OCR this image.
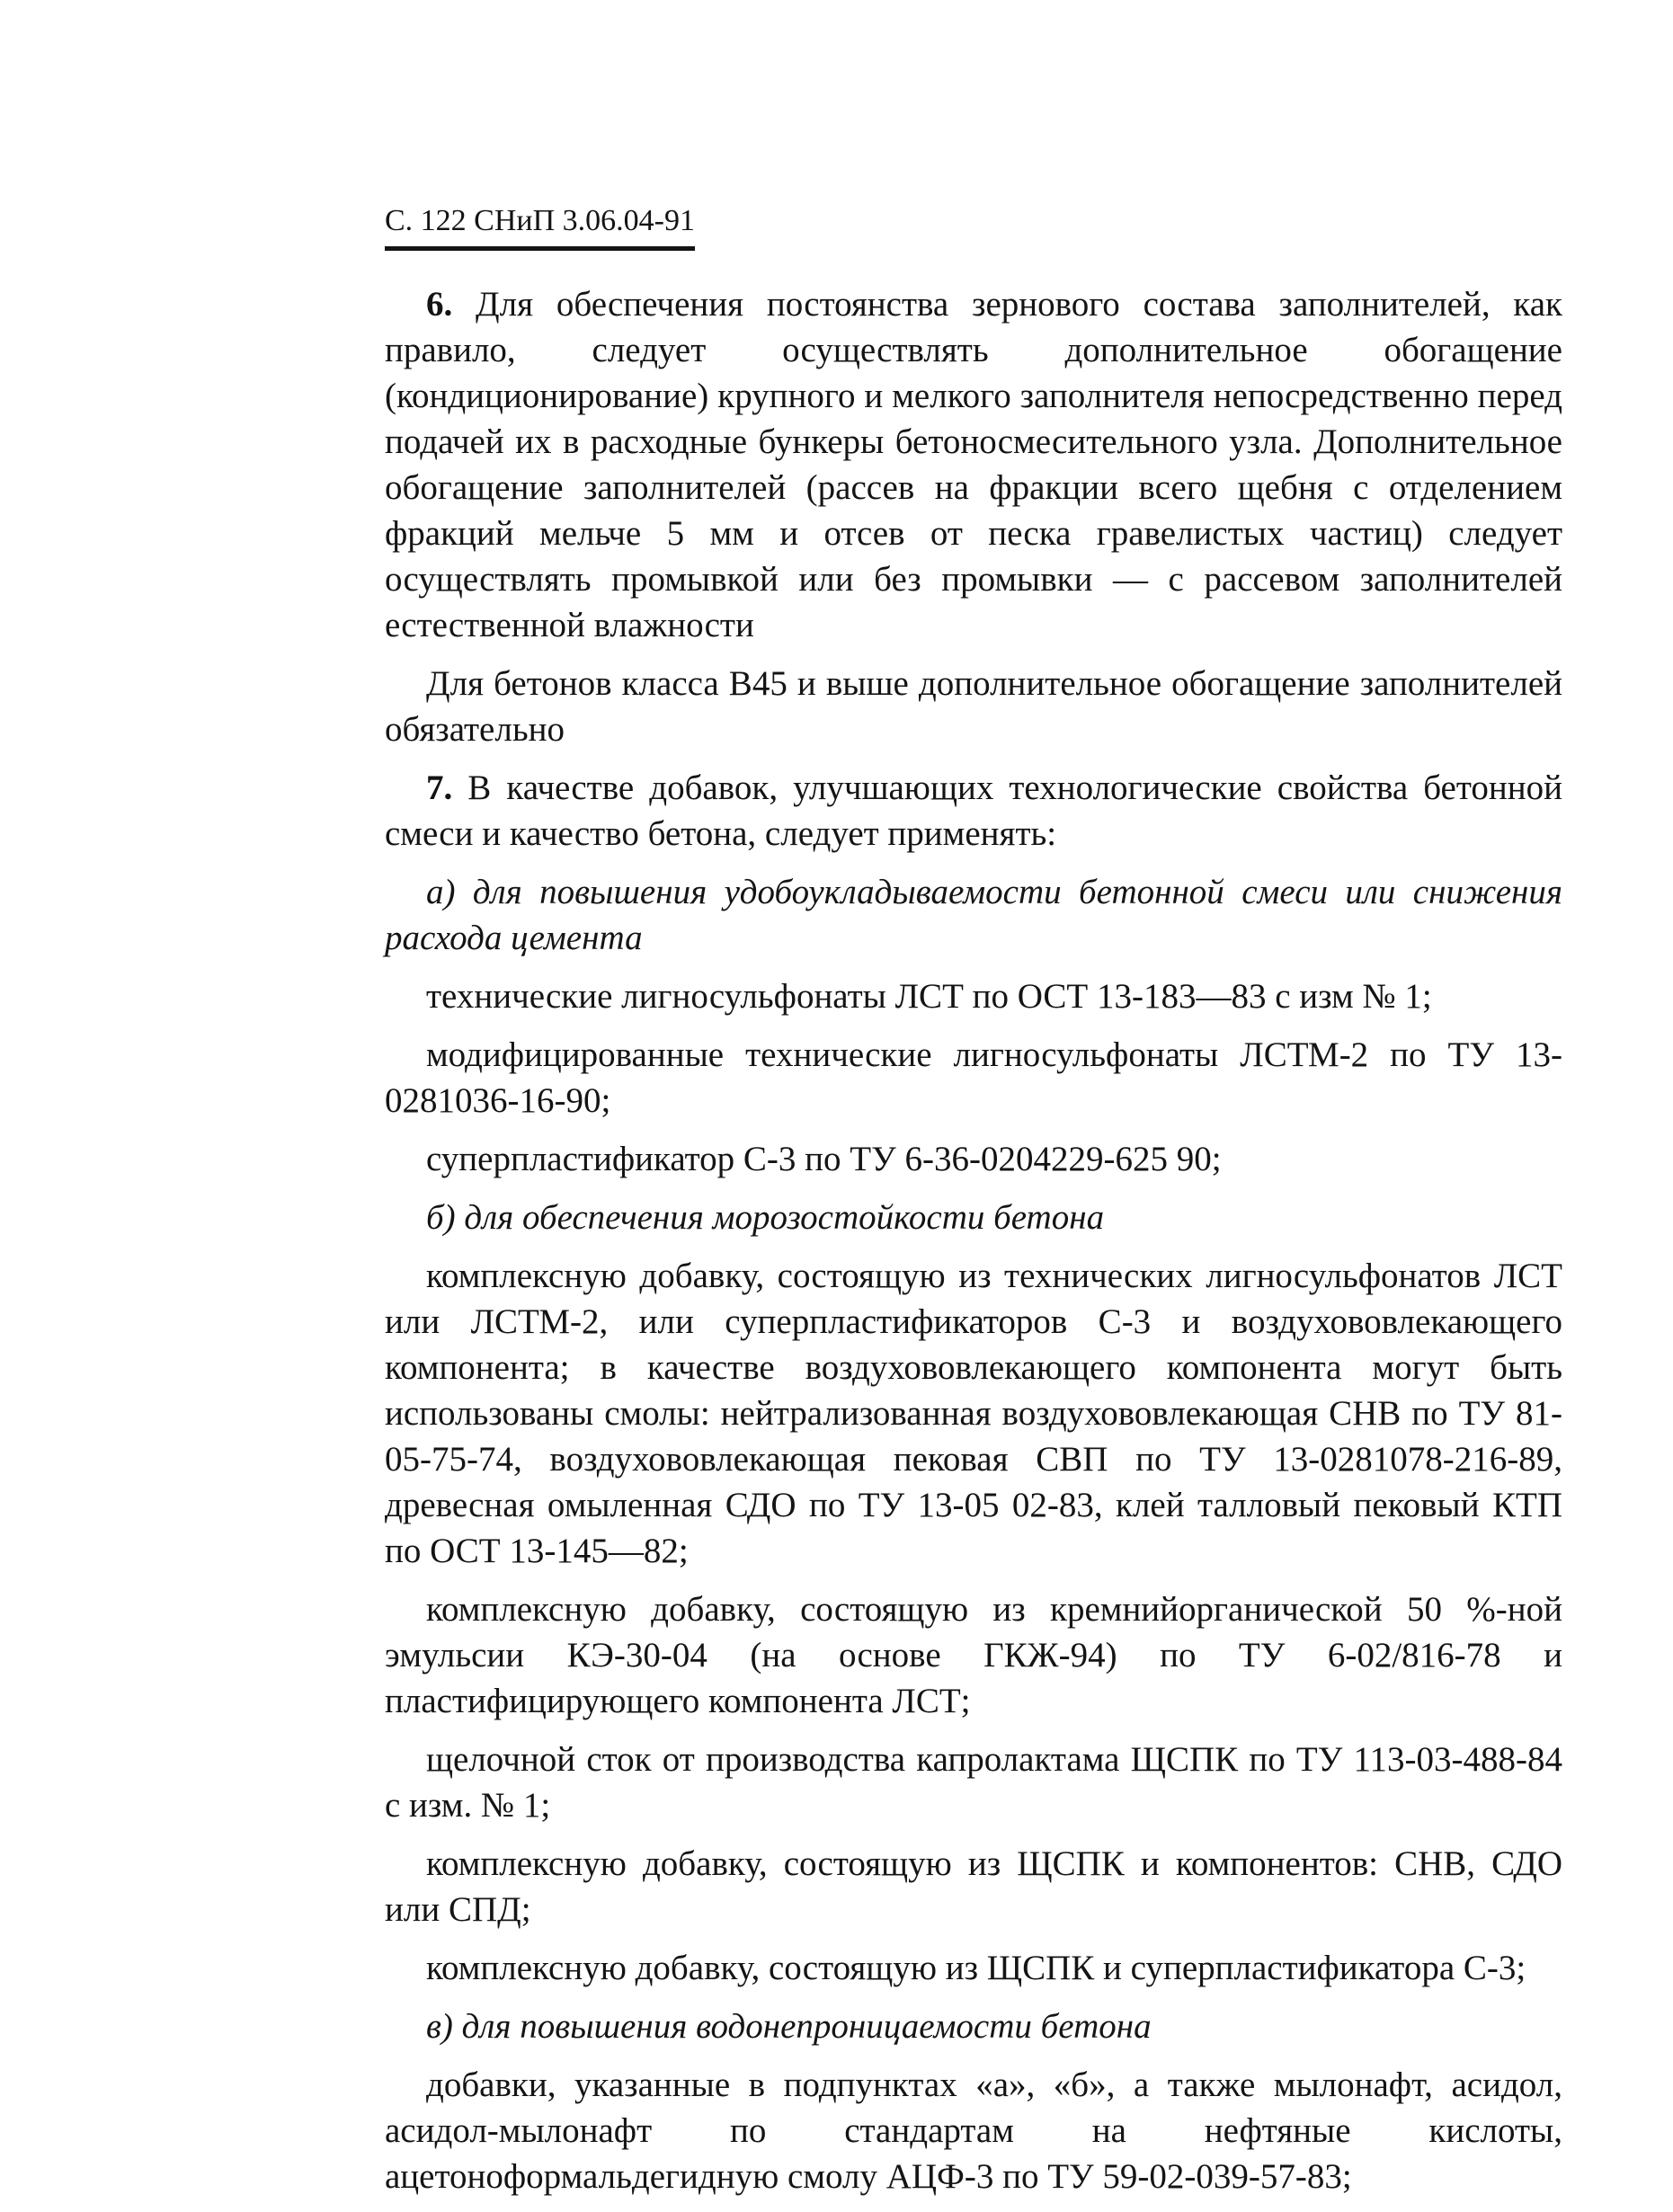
С. 122 СНиП 3.06.04-91
6. Для обеспечения постоянства зернового состава заполнителей, как правило, следует осуществлять дополнительное обогащение (кондиционирование) крупного и мелкого заполнителя непосредственно перед подачей их в расходные бункеры бетоносмесительного узла. Дополнительное обогащение заполнителей (рассев на фракции всего щебня с отделением фракций мельче 5 мм и отсев от песка гравелистых частиц) следует осуществлять промывкой или без промывки — с рассевом заполнителей естественной влажности
Для бетонов класса В45 и выше дополнительное обогащение заполнителей обязательно
7. В качестве добавок, улучшающих технологические свойства бетонной смеси и качество бетона, следует применять:
а) для повышения удобоукладываемости бетонной смеси или снижения расхода цемента
технические лигносульфонаты ЛСТ по ОСТ 13-183—83 с изм № 1;
модифицированные технические лигносульфонаты ЛСТМ-2 по ТУ 13-0281036-16-90;
суперпластификатор С-3 по ТУ 6-36-0204229-625 90;
б) для обеспечения морозостойкости бетона
комплексную добавку, состоящую из технических лигносульфонатов ЛСТ или ЛСТМ-2, или суперпластификаторов С-3 и воздухововлекающего компонента; в качестве воздухововлекающего компонента могут быть использованы смолы: нейтрализованная воздухововлекающая СНВ по ТУ 81-05-75-74, воздухововлекающая пековая СВП по ТУ 13-0281078-216-89, древесная омыленная СДО по ТУ 13-05 02-83, клей талловый пековый КТП по ОСТ 13-145—82;
комплексную добавку, состоящую из кремнийорганической 50 %-ной эмульсии КЭ-30-04 (на основе ГКЖ-94) по ТУ 6-02/816-78 и пластифицирующего компонента ЛСТ;
щелочной сток от производства капролактама ЩСПК по ТУ 113-03-488-84 с изм. № 1;
комплексную добавку, состоящую из ЩСПК и компонентов: СНВ, СДО или СПД;
комплексную добавку, состоящую из ЩСПК и суперпластификатора С-3;
в) для повышения водонепроницаемости бетона
добавки, указанные в подпунктах «а», «б», а также мылонафт, асидол, асидол-мылонафт по стандартам на нефтяные кислоты, ацетоноформальдегидную смолу АЦФ-3 по ТУ 59-02-039-57-83;
